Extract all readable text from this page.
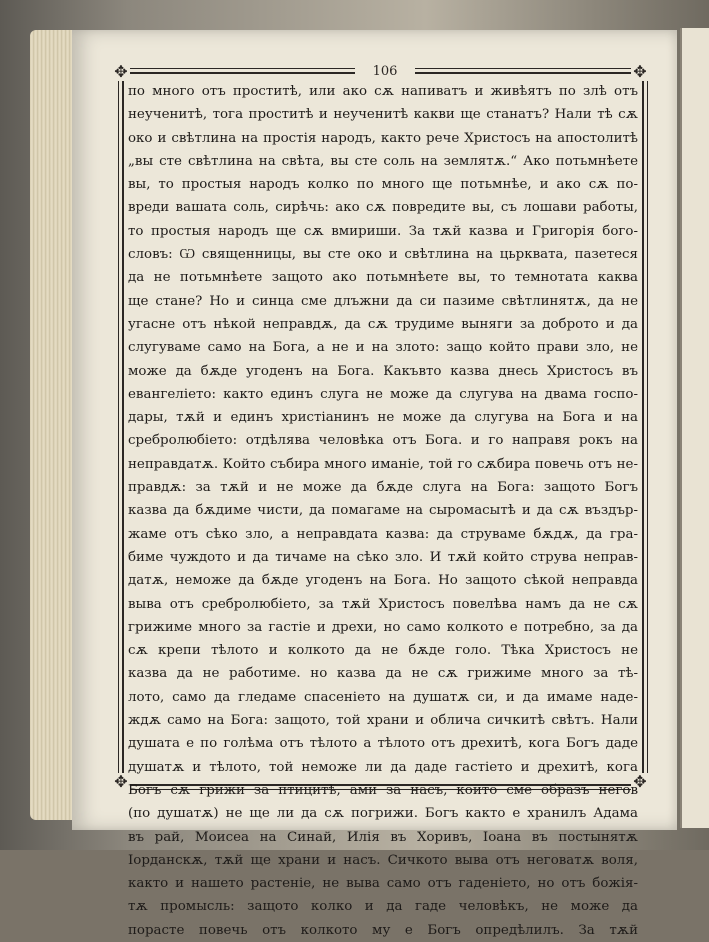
✥	✥
✥	✥
106
по много отъ проститѣ, или ако сѫ напиватъ и живѣятъ по злѣ отъ
неученитѣ, тога проститѣ и неученитѣ какви ще станатъ? Нали тѣ сѫ
око и свѣтлина на простія народъ, както рече Христосъ на апостолитѣ
„вы сте свѣтлина на свѣта, вы сте соль на землятѫ.“ Ако потьмнѣете
вы, то простыя народъ колко по много ще потьмнѣе, и ако сѫ по-
вреди вашата соль, сирѣчь: ако сѫ повредите вы, съ лошави работы,
то простыя народъ ще сѫ вмириши. За тѫй казва и Григорія бого-
словъ: Ѡ священницы, вы сте око и свѣтлина на цьрквата, пазетеся
да не потьмнѣете защото ако потьмнѣете вы, то темнотата каква
ще стане? Но и синца сме длъжни да си пазиме свѣтлинятѫ, да не
угасне отъ нѣкой неправдѫ, да сѫ трудиме выняги за доброто и да
слугуваме само на Бога, а не и на злото: защо който прави зло, не
може да бѫде угоденъ на Бога. Какъвто казва днесь Христосъ въ
евангеліето: както единъ слуга не може да слугува на двама госпо-
дары, тѫй и единъ христіанинъ не може да слугува на Бога и на
сребролюбіето: отдѣлява человѣка отъ Бога. и го направя рокъ на
неправдатѫ. Който събира много иманіе, той го сѫбира повечь отъ не-
правдѫ: за тѫй и не може да бѫде слуга на Бога: защото Богъ
казва да бѫдиме чисти, да помагаме на сыромасытѣ и да сѫ въздър-
жаме отъ сѣко зло, а неправдата казва: да струваме бѫдѫ, да гра-
биме чуждото и да тичаме на сѣко зло. И тѫй който струва неправ-
датѫ, неможе да бѫде угоденъ на Бога. Но защото сѣкой неправда
выва отъ сребролюбіето, за тѫй Христосъ повелѣва намъ да не сѫ
грижиме много за гастіе и дрехи, но само колкото е потребно, за да
сѫ крепи тѣлото и колкото да не бѫде голо. Тѣка Христосъ не
казва да не работиме. но казва да не сѫ грижиме много за тѣ-
лото, само да гледаме спасеніето на душатѫ си, и да имаме наде-
ждѫ само на Бога: защото, той храни и облича сичкитѣ свѣтъ. Нали
душата е по голѣма отъ тѣлото а тѣлото отъ дрехитѣ, кога Богъ даде
душатѫ и тѣлото, той неможе ли да даде гастіето и дрехитѣ, кога
Богъ сѫ грижи за птицитѣ, ами за насъ, които сме образъ негов
(по душатѫ) не ще ли да сѫ погрижи. Богъ както е хранилъ Адама
въ рай, Моисеа на Синай, Илія въ Хоривъ, Іоана въ постынятѫ
Iорданскѫ, тѫй ще храни и насъ. Сичкото выва отъ неговатѫ воля,
както и нашето растеніе, не выва само отъ гаденіето, но отъ божія-
тѫ промысль: защото колко и да гаде человѣкъ, не може да
порасте повечь отъ колкото му е Богъ опредѣлилъ. За тѫй
